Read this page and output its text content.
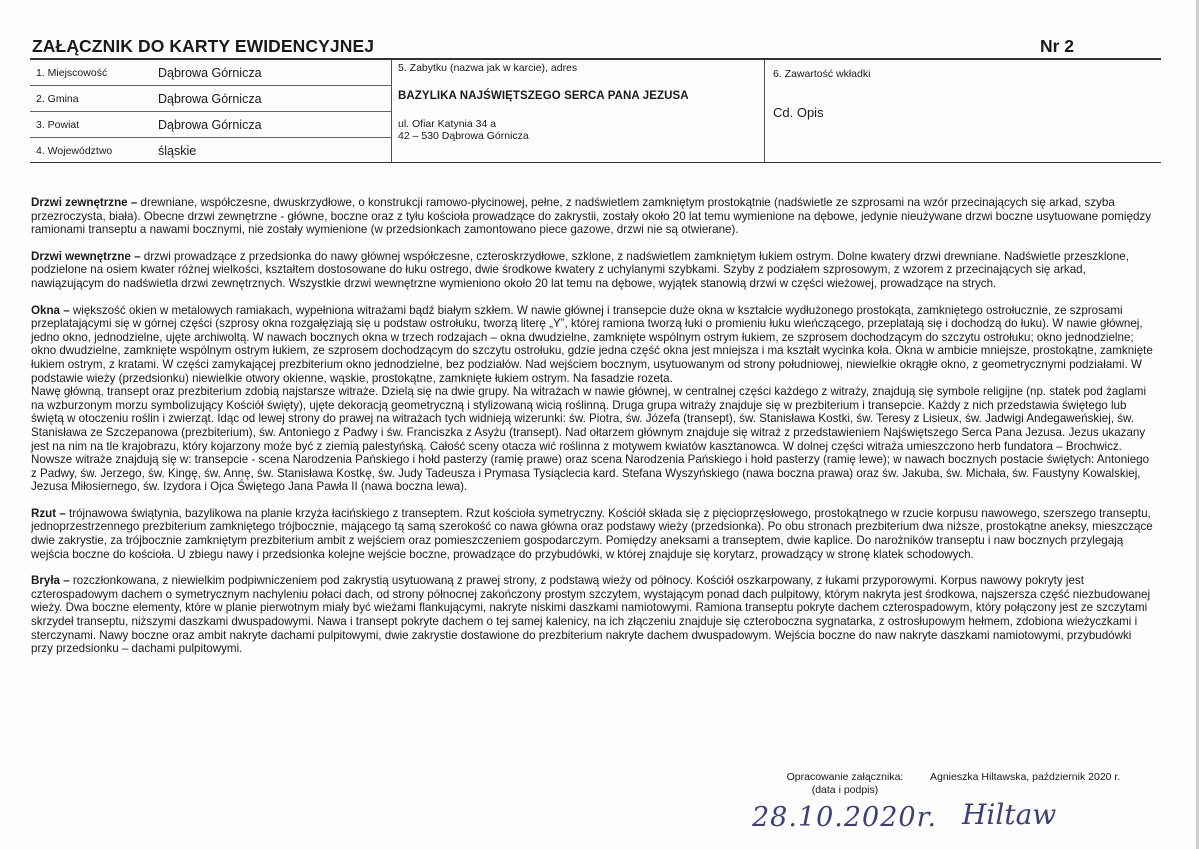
ZAŁĄCZNIK DO KARTY EWIDENCYJNEJ	Nr 2
1. Miejscowość	Dąbrowa Górnicza
2. Gmina	Dąbrowa Górnicza
3. Powiat	Dąbrowa Górnicza
4. Województwo	śląskie
5. Zabytku (nazwa jak w karcie), adres
BAZYLIKA NAJŚWIĘTSZEGO SERCA PANA JEZUSA
ul. Ofiar Katynia 34 a
42 – 530 Dąbrowa Górnicza
6. Zawartość wkładki
Cd. Opis

Drzwi zewnętrzne – drewniane, współczesne, dwuskrzydłowe, o konstrukcji ramowo-płycinowej, pełne, z nadświetlem zamkniętym prostokątnie (nadświetle ze szprosami na wzór przecinających się arkad, szyba przezroczysta, biała). Obecne drzwi zewnętrzne - główne, boczne oraz z tyłu kościoła prowadzące do zakrystii, zostały około 20 lat temu wymienione na dębowe, jedynie nieużywane drzwi boczne usytuowane pomiędzy ramionami transeptu a nawami bocznymi, nie zostały wymienione (w przedsionkach zamontowano piece gazowe, drzwi nie są otwierane).

Drzwi wewnętrzne – drzwi prowadzące z przedsionka do nawy głównej współczesne, czteroskrzydłowe, szklone, z nadświetlem zamkniętym łukiem ostrym. Dolne kwatery drzwi drewniane. Nadświetle przeszklone, podzielone na osiem kwater różnej wielkości, kształtem dostosowane do łuku ostrego, dwie środkowe kwatery z uchylanymi szybkami. Szyby z podziałem szprosowym, z wzorem z przecinających się arkad, nawiązującym do nadświetla drzwi zewnętrznych. Wszystkie drzwi wewnętrzne wymieniono około 20 lat temu na dębowe, wyjątek stanowią drzwi w części wieżowej, prowadzące na strych.

Okna – większość okien w metalowych ramiakach, wypełniona witrażami bądź białym szkłem. W nawie głównej i transepcie duże okna w kształcie wydłużonego prostokąta, zamkniętego ostrołucznie, ze szprosami przeplatającymi się w górnej części (szprosy okna rozgałęziają się u podstaw ostrołuku, tworzą literę „Y”, której ramiona tworzą łuki o promieniu łuku wieńczącego, przeplatają się i dochodzą do łuku). W nawie głównej, jedno okno, jednodzielne, ujęte archiwoltą. W nawach bocznych okna w trzech rodzajach – okna dwudzielne, zamknięte wspólnym ostrym łukiem, ze szprosem dochodzącym do szczytu ostrołuku; okno jednodzielne; okno dwudzielne, zamknięte wspólnym ostrym łukiem, ze szprosem dochodzącym do szczytu ostrołuku, gdzie jedna część okna jest mniejsza i ma kształt wycinka koła. Okna w ambicie mniejsze, prostokątne, zamknięte łukiem ostrym, z kratami. W części zamykającej prezbiterium okno jednodzielne, bez podziałów. Nad wejściem bocznym, usytuowanym od strony południowej, niewielkie okrągłe okno, z geometrycznymi podziałami. W podstawie wieży (przedsionku) niewielkie otwory okienne, wąskie, prostokątne, zamknięte łukiem ostrym. Na fasadzie rozeta.
Nawę główną, transept oraz prezbiterium zdobią najstarsze witraże. Dzielą się na dwie grupy. Na witrażach w nawie głównej, w centralnej części każdego z witraży, znajdują się symbole religijne (np. statek pod żaglami na wzburzonym morzu symbolizujący Kościół święty), ujęte dekoracją geometryczną i stylizowaną wicią roślinną. Druga grupa witraży znajduje się w prezbiterium i transepcie. Każdy z nich przedstawia świętego lub świętą w otoczeniu roślin i zwierząt. Idąc od lewej strony do prawej na witrażach tych widnieją wizerunki: św. Piotra, św. Józefa (transept), św. Stanisława Kostki, św. Teresy z Lisieux, św. Jadwigi Andegaweńskiej, św. Stanisława ze Szczepanowa (prezbiterium), św. Antoniego z Padwy i św. Franciszka z Asyżu (transept). Nad ołtarzem głównym znajduje się witraż z przedstawieniem Najświętszego Serca Pana Jezusa. Jezus ukazany jest na nim na tle krajobrazu, który kojarzony może być z ziemią palestyńską. Całość sceny otacza wić roślinna z motywem kwiatów kasztanowca. W dolnej części witraża umieszczono herb fundatora – Brochwicz. Nowsze witraże znajdują się w: transepcie - scena Narodzenia Pańskiego i hołd pasterzy (ramię prawe) oraz scena Narodzenia Pańskiego i hołd pasterzy (ramię lewe); w nawach bocznych postacie świętych: Antoniego z Padwy, św. Jerzego, św. Kingę, św. Annę, św. Stanisława Kostkę, św. Judy Tadeusza i Prymasa Tysiąclecia kard. Stefana Wyszyńskiego (nawa boczna prawa) oraz św. Jakuba, św. Michała, św. Faustyny Kowalskiej, Jezusa Miłosiernego, św. Izydora i Ojca Świętego Jana Pawła II (nawa boczna lewa).

Rzut – trójnawowa świątynia, bazylikowa na planie krzyża łacińskiego z transeptem. Rzut kościoła symetryczny. Kościół składa się z pięcioprzęsłowego, prostokątnego w rzucie korpusu nawowego, szerszego transeptu, jednoprzestrzennego prezbiterium zamkniętego trójbocznie, mającego tą samą szerokość co nawa główna oraz podstawy wieży (przedsionka). Po obu stronach prezbiterium dwa niższe, prostokątne aneksy, mieszczące dwie zakrystie, za trójbocznie zamkniętym prezbiterium ambit z wejściem oraz pomieszczeniem gospodarczym. Pomiędzy aneksami a transeptem, dwie kaplice. Do narożników transeptu i naw bocznych przylegają wejścia boczne do kościoła. U zbiegu nawy i przedsionka kolejne wejście boczne, prowadzące do przybudówki, w której znajduje się korytarz, prowadzący w stronę klatek schodowych.

Bryła – rozczłonkowana, z niewielkim podpiwniczeniem pod zakrystią usytuowaną z prawej strony, z podstawą wieży od północy. Kościół oszkarpowany, z łukami przyporowymi. Korpus nawowy pokryty jest czterospadowym dachem o symetrycznym nachyleniu połaci dach, od strony północnej zakończony prostym szczytem, wystającym ponad dach pulpitowy, którym nakryta jest środkowa, najszersza część niezbudowanej wieży. Dwa boczne elementy, które w planie pierwotnym miały być wieżami flankującymi, nakryte niskimi daszkami namiotowymi. Ramiona transeptu pokryte dachem czterospadowym, który połączony jest ze szczytami skrzydeł transeptu, niższymi daszkami dwuspadowymi. Nawa i transept pokryte dachem o tej samej kalenicy, na ich złączeniu znajduje się czteroboczna sygnatarka, z ostrosłupowym hełmem, zdobiona wieżyczkami i sterczynami. Nawy boczne oraz ambit nakryte dachami pulpitowymi, dwie zakrystie dostawione do prezbiterium nakryte dachem dwuspadowym. Wejścia boczne do naw nakryte daszkami namiotowymi, przybudówki przy przedsionku – dachami pulpitowymi.

Opracowanie załącznika:
(data i podpis)
Agnieszka Hiltawska, październik 2020 r.
28.10.2020r. Hiltaw
